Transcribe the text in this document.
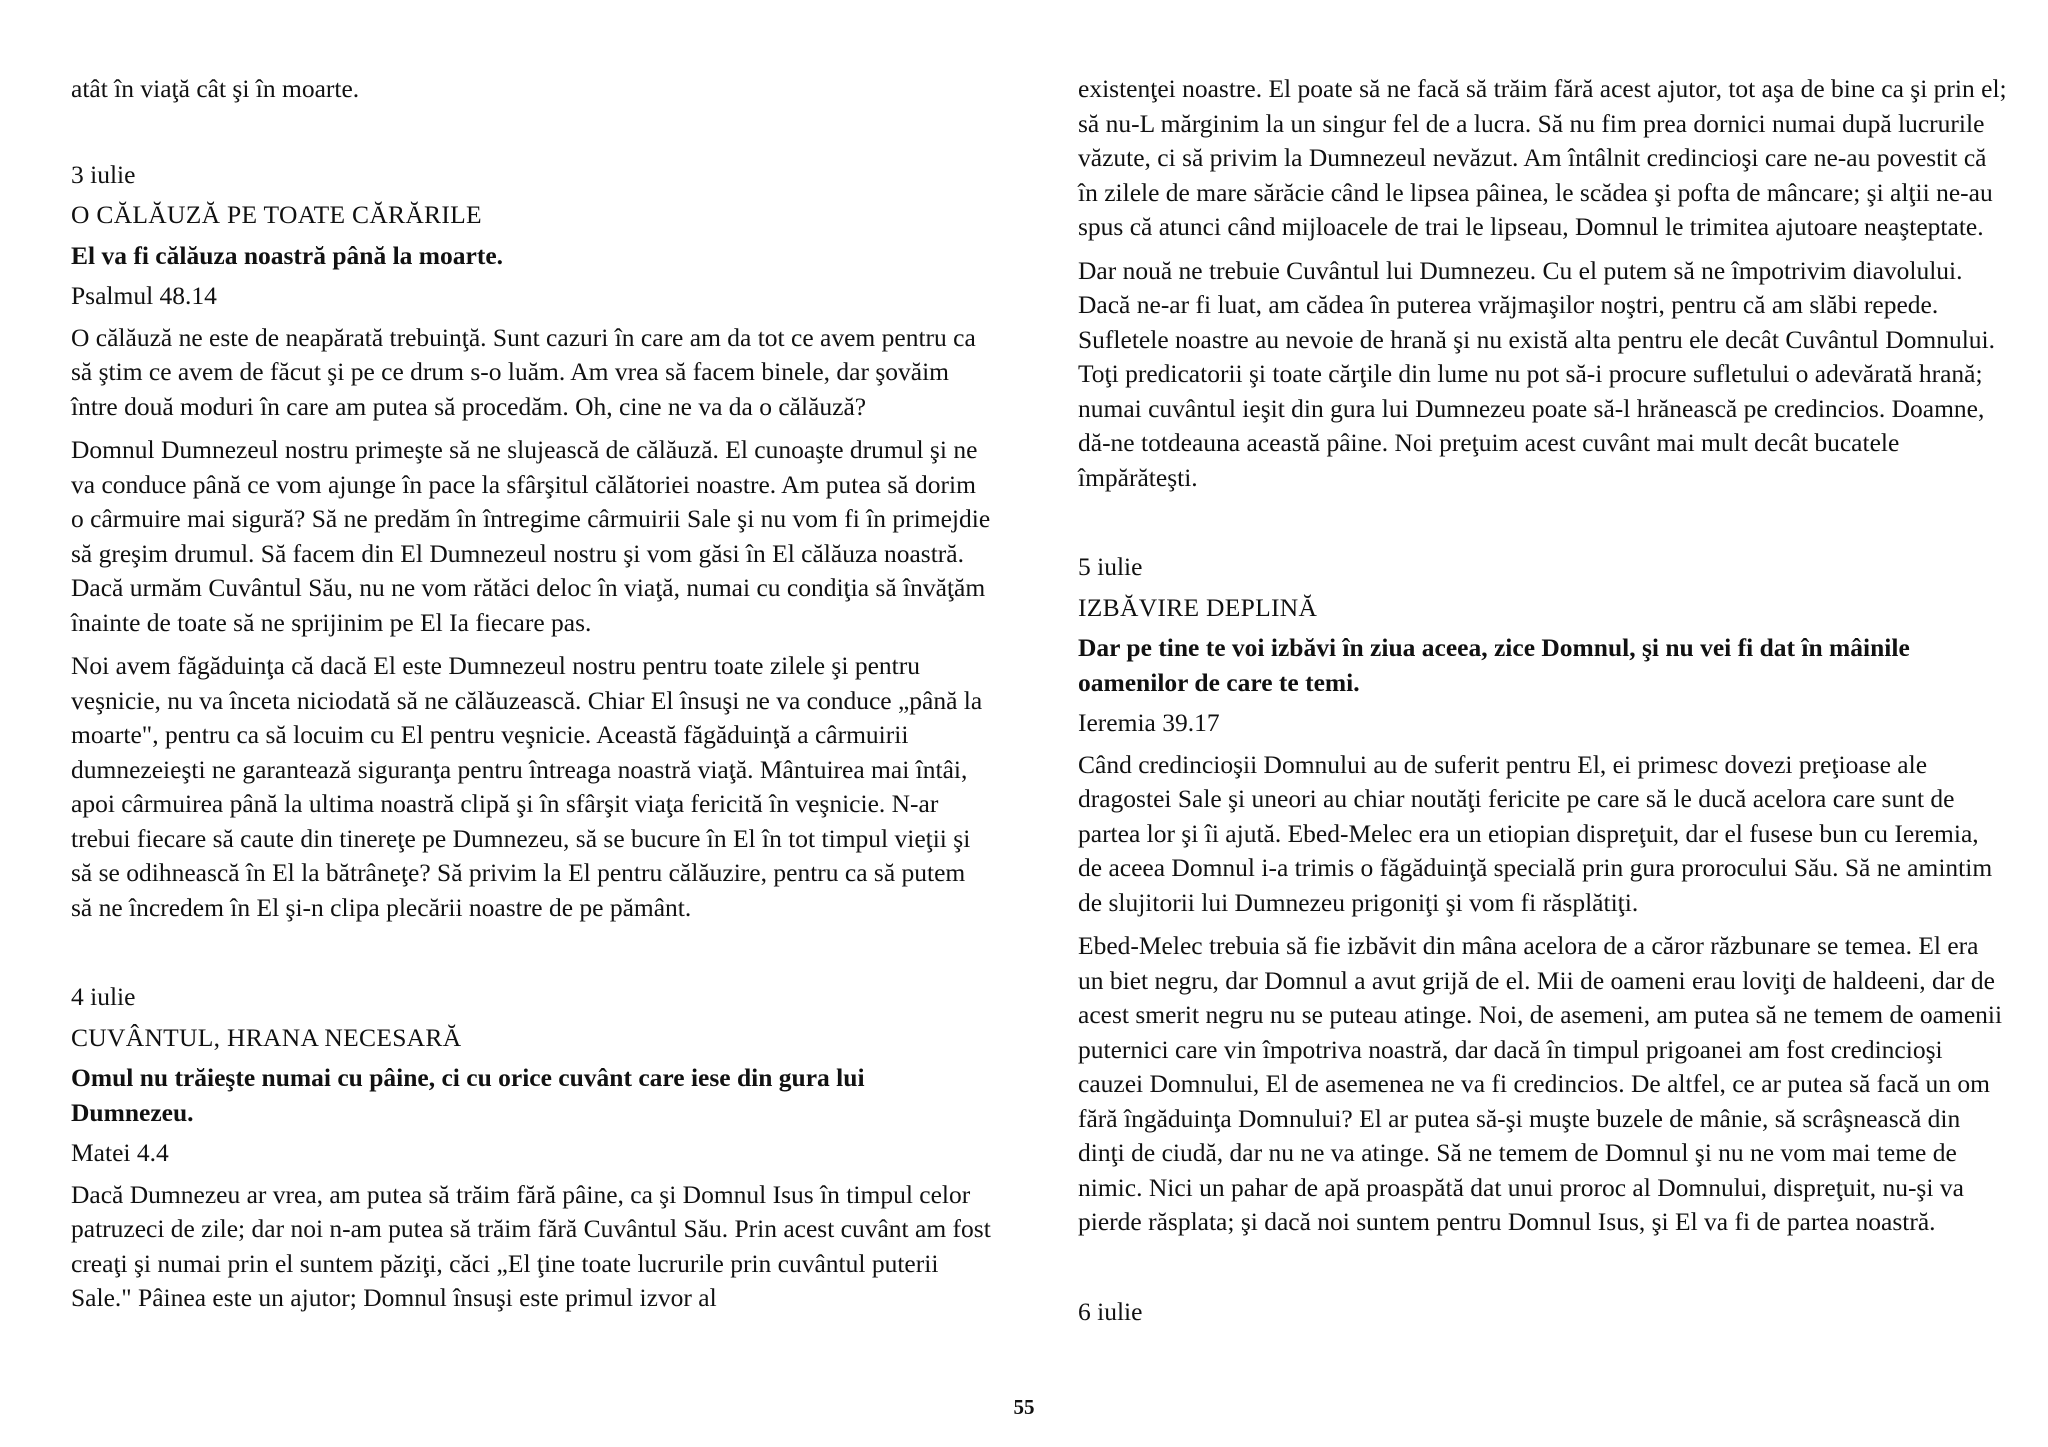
atât în viaţă cât şi în moarte.

3 iulie

O CĂLĂUZĂ PE TOATE CĂRĂRILE

El va fi călăuza noastră până la moarte.

Psalmul 48.14

O călăuză ne este de neapărată trebuinţă. Sunt cazuri în care am da tot ce avem pentru ca să ştim ce avem de făcut şi pe ce drum s-o luăm. Am vrea să facem binele, dar şovăim între două moduri în care am putea să procedăm. Oh, cine ne va da o călăuză?

Domnul Dumnezeul nostru primeşte să ne slujească de călăuză. El cunoaşte drumul şi ne va conduce până ce vom ajunge în pace la sfârşitul călătoriei noastre. Am putea să dorim o cârmuire mai sigură? Să ne predăm în întregime cârmuirii Sale şi nu vom fi în primejdie să greşim drumul. Să facem din El Dumnezeul nostru şi vom găsi în El călăuza noastră. Dacă urmăm Cuvântul Său, nu ne vom rătăci deloc în viaţă, numai cu condiţia să învăţăm înainte de toate să ne sprijinim pe El Ia fiecare pas.

Noi avem făgăduinţa că dacă El este Dumnezeul nostru pentru toate zilele şi pentru veşnicie, nu va înceta niciodată să ne călăuzească. Chiar El însuşi ne va conduce „până la moarte", pentru ca să locuim cu El pentru veşnicie. Această făgăduinţă a cârmuirii dumnezeieşti ne garantează siguranţa pentru întreaga noastră viaţă. Mântuirea mai întâi, apoi cârmuirea până la ultima noastră clipă şi în sfârşit viaţa fericită în veşnicie. N-ar trebui fiecare să caute din tinereţe pe Dumnezeu, să se bucure în El în tot timpul vieţii şi să se odihnească în El la bătrâneţe? Să privim la El pentru călăuzire, pentru ca să putem să ne încredem în El şi-n clipa plecării noastre de pe pământ.

4 iulie

CUVÂNTUL, HRANA NECESARĂ

Omul nu trăieşte numai cu pâine, ci cu orice cuvânt care iese din gura lui Dumnezeu.

Matei 4.4

Dacă Dumnezeu ar vrea, am putea să trăim fără pâine, ca şi Domnul Isus în timpul celor patruzeci de zile; dar noi n-am putea să trăim fără Cuvântul Său. Prin acest cuvânt am fost creaţi şi numai prin el suntem păziţi, căci „El ţine toate lucrurile prin cuvântul puterii Sale." Pâinea este un ajutor; Domnul însuşi este primul izvor al

existenţei noastre. El poate să ne facă să trăim fără acest ajutor, tot aşa de bine ca şi prin el; să nu-L mărginim la un singur fel de a lucra. Să nu fim prea dornici numai după lucrurile văzute, ci să privim la Dumnezeul nevăzut. Am întâlnit credincioşi care ne-au povestit că în zilele de mare sărăcie când le lipsea pâinea, le scădea şi pofta de mâncare; şi alţii ne-au spus că atunci când mijloacele de trai le lipseau, Domnul le trimitea ajutoare neaşteptate.

Dar nouă ne trebuie Cuvântul lui Dumnezeu. Cu el putem să ne împotrivim diavolului. Dacă ne-ar fi luat, am cădea în puterea vrăjmaşilor noştri, pentru că am slăbi repede. Sufletele noastre au nevoie de hrană şi nu există alta pentru ele decât Cuvântul Domnului. Toţi predicatorii şi toate cărţile din lume nu pot să-i procure sufletului o adevărată hrană; numai cuvântul ieşit din gura lui Dumnezeu poate să-l hrănească pe credincios. Doamne, dă-ne totdeauna această pâine. Noi preţuim acest cuvânt mai mult decât bucatele împărăteşti.

5 iulie

IZBĂVIRE DEPLINĂ

Dar pe tine te voi izbăvi în ziua aceea, zice Domnul, şi nu vei fi dat în mâinile oamenilor de care te temi.

Ieremia 39.17

Când credincioşii Domnului au de suferit pentru El, ei primesc dovezi preţioase ale dragostei Sale şi uneori au chiar noutăţi fericite pe care să le ducă acelora care sunt de partea lor şi îi ajută. Ebed-Melec era un etiopian dispreţuit, dar el fusese bun cu Ieremia, de aceea Domnul i-a trimis o făgăduinţă specială prin gura prorocului Său. Să ne amintim de slujitorii lui Dumnezeu prigoniţi şi vom fi răsplătiţi.

Ebed-Melec trebuia să fie izbăvit din mâna acelora de a căror răzbunare se temea. El era un biet negru, dar Domnul a avut grijă de el. Mii de oameni erau loviţi de haldeeni, dar de acest smerit negru nu se puteau atinge. Noi, de asemeni, am putea să ne temem de oamenii puternici care vin împotriva noastră, dar dacă în timpul prigoanei am fost credincioşi cauzei Domnului, El de asemenea ne va fi credincios. De altfel, ce ar putea să facă un om fără îngăduinţa Domnului? El ar putea să-şi muşte buzele de mânie, să scrâşnească din dinţi de ciudă, dar nu ne va atinge. Să ne temem de Domnul şi nu ne vom mai teme de nimic. Nici un pahar de apă proaspătă dat unui proroc al Domnului, dispreţuit, nu-şi va pierde răsplata; şi dacă noi suntem pentru Domnul Isus, şi El va fi de partea noastră.

6 iulie

55
